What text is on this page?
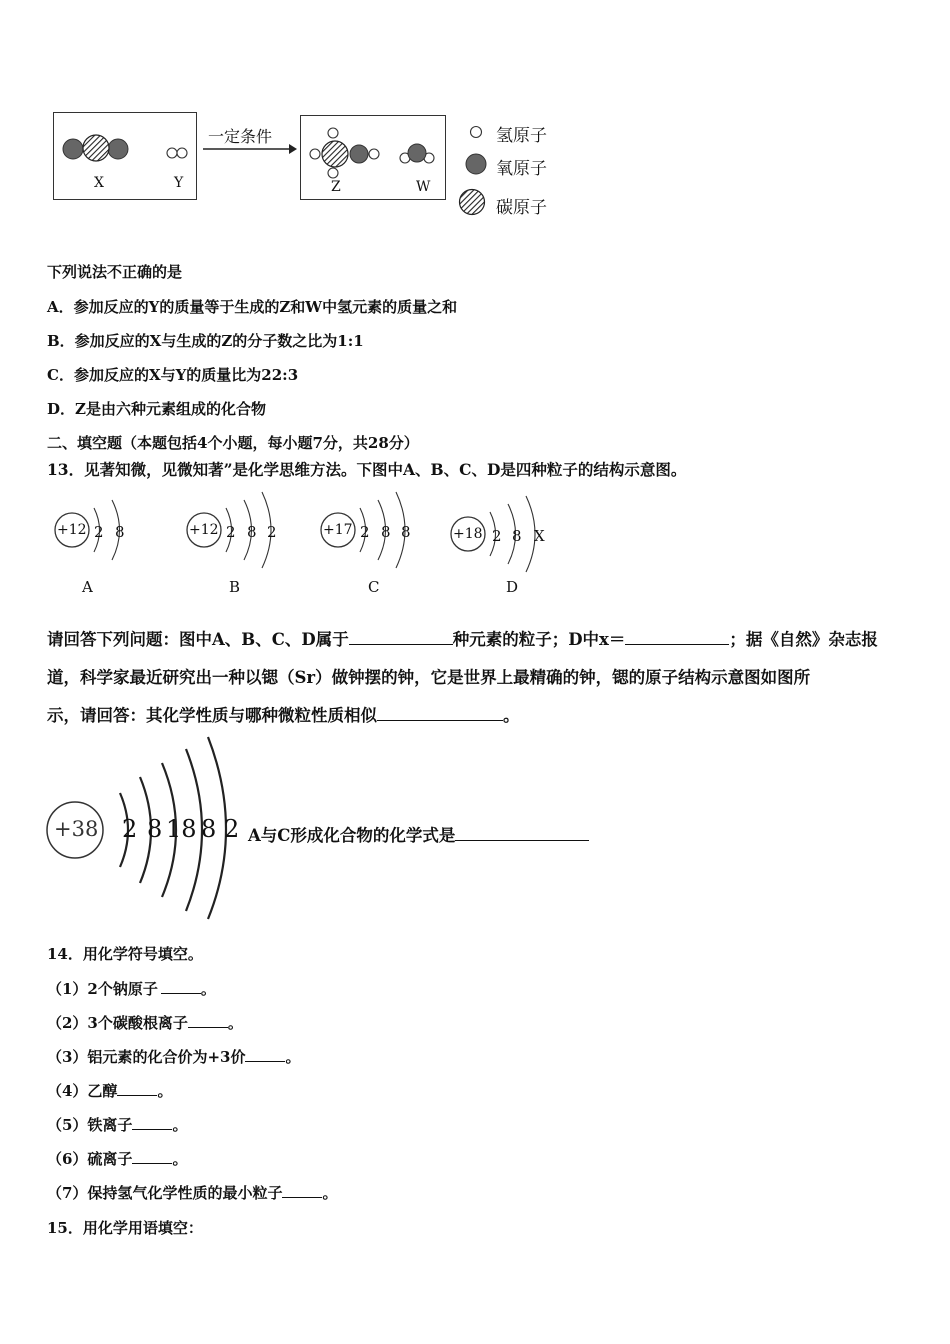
X	Y
一定条件
Z	W
氢原子
氧原子
碳原子
下列说法不正确的是
A．参加反应的Y的质量等于生成的Z和W中氢元素的质量之和
B．参加反应的X与生成的Z的分子数之比为1:1
C．参加反应的X与Y的质量比为22:3
D．Z是由六种元素组成的化合物
二、填空题（本题包括4个小题，每小题7分，共28分）
13．见著知微，见微知著”是化学思维方法。下图中A、B、C、D是四种粒子的结构示意图。
+12 2 8
A
+12 2 8 2
B
+17 2 8 8
C
+18 2 8 X
D
请回答下列问题：图中A、B、C、D属于	种元素的粒子；D中x＝	；据《自然》杂志报
道，科学家最近研究出一种以锶（Sr）做钟摆的钟，它是世界上最精确的钟，锶的原子结构示意图如图所
示，请回答：其化学性质与哪种微粒性质相似	。
+38 2 8 18 8 2 A与C形成化合物的化学式是
14．用化学符号填空。
（1）2个钠原子	。
（2）3个碳酸根离子	。
（3）铝元素的化合价为+3价	。
（4）乙醇	。
（5）铁离子	。
（6）硫离子	。
（7）保持氢气化学性质的最小粒子	。
15．用化学用语填空：
